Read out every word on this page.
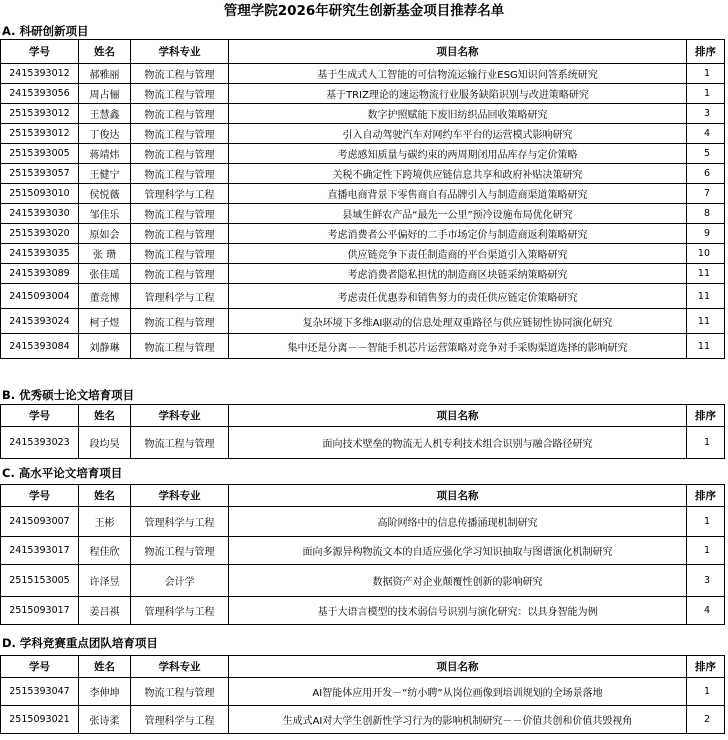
管理学院2026年研究生创新基金项目推荐名单
A. 科研创新项目
学号	姓名	学科专业	项目名称	排序
2415393012	郝雅丽	物流工程与管理	基于生成式人工智能的可信物流运输行业ESG知识问答系统研究	1
2415393056	周占俪	物流工程与管理	基于TRIZ理论的速运物流行业服务缺陷识别与改进策略研究	1
2515393012	王慧鑫	物流工程与管理	数字护照赋能下废旧纺织品回收策略研究	3
2515393012	丁俊达	物流工程与管理	引入自动驾驶汽车对网约车平台的运营模式影响研究	4
2515393005	蒋靖炜	物流工程与管理	考虑感知质量与碳约束的两周期闭用品库存与定价策略	5
2515393057	王健宁	物流工程与管理	关税不确定性下跨境供应链信息共享和政府补贴决策研究	6
2515093010	侯悦薇	管理科学与工程	直播电商背景下零售商自有品牌引入与制造商渠道策略研究	7
2415393030	邹佳乐	物流工程与管理	县域生鲜农产品“最先一公里”预冷设施布局优化研究	8
2515393020	原如会	物流工程与管理	考虑消费者公平偏好的二手市场定价与制造商返利策略研究	9
2415393035	张 瓒	物流工程与管理	供应链竞争下责任制造商的平台渠道引入策略研究	10
2415393089	张佳瑶	物流工程与管理	考虑消费者隐私担忧的制造商区块链采纳策略研究	11
2415093004	董竞博	管理科学与工程	考虑责任优惠券和销售努力的责任供应链定价策略研究	11
2415393024	柯子煜	物流工程与管理	复杂环境下多维AI驱动的信息处理双重路径与供应链韧性协同演化研究	11
2415393084	刘静琳	物流工程与管理	集中还是分离－－智能手机芯片运营策略对竞争对手采购渠道选择的影响研究	11
B. 优秀硕士论文培育项目
学号	姓名	学科专业	项目名称	排序
2415393023	段均昊	物流工程与管理	面向技术壁垒的物流无人机专利技术组合识别与融合路径研究	1
C. 高水平论文培育项目
学号	姓名	学科专业	项目名称	排序
2415093007	王彬	管理科学与工程	高阶网络中的信息传播涌现机制研究	1
2415393017	程佳欣	物流工程与管理	面向多源异构物流文本的自适应强化学习知识抽取与图谱演化机制研究	1
2515153005	许泽昱	会计学	数据资产对企业颠覆性创新的影响研究	3
2515093017	姜吕祺	管理科学与工程	基于大语言模型的技术弱信号识别与演化研究：以具身智能为例	4
D. 学科竞赛重点团队培育项目
学号	姓名	学科专业	项目名称	排序
2515393047	李伸坤	物流工程与管理	AI智能体应用开发－“纺小聘”从岗位画像到培训规划的全场景落地	1
2515093021	张诗柔	管理科学与工程	生成式AI对大学生创新性学习行为的影响机制研究－－价值共创和价值共毁视角	2
